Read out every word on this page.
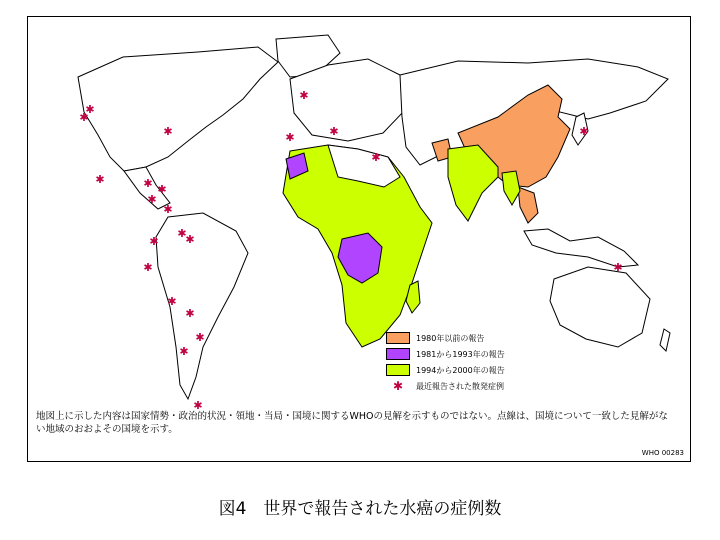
✱
✱
✱
✱	✱ ✱
✱
✱
✱
✱
✱
✱
✱
✱
✱
✱
✱
✱
✱	✱
✱
✱
✱
1980年以前の報告
1981から1993年の報告
1994から2000年の報告
✱	最近報告された散発症例
地図上に示した内容は国家情勢・政治的状況・領地・当局・国境に関するWHOの見解を示すものではない。点線は、国境について一致した見解がない地域のおおよその国境を示す。
WHO 00283
図4　世界で報告された水癌の症例数
